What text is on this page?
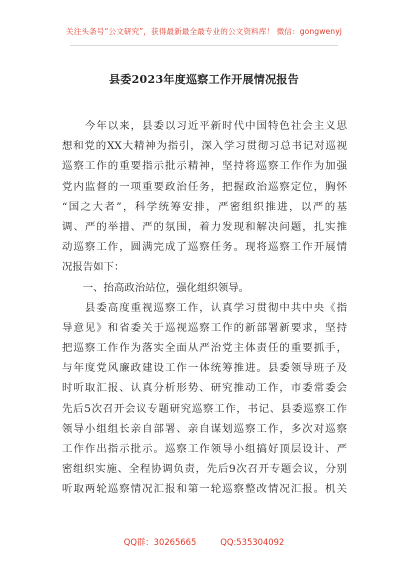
关注头条号“公文研究”，获得最新最全最专业的公文资料库！ 微信：gongwenyj
县委2023年度巡察工作开展情况报告
　　今年以来，县委以习近平新时代中国特色社会主义思
想和党的XX大精神为指引，深入学习贯彻习总书记对巡视
巡察工作的重要指示批示精神，坚持将巡察工作作为加强
党内监督的一项重要政治任务，把握政治巡察定位，胸怀
“国之大者”，科学统筹安排，严密组织推进，以严的基
调、严的举措、严的氛围，着力发现和解决问题，扎实推
动巡察工作，圆满完成了巡察任务。现将巡察工作开展情
况报告如下：
　　一、抬高政治站位，强化组织领导。
　　县委高度重视巡察工作，认真学习贯彻中共中央《指
导意见》和省委关于巡视巡察工作的新部署新要求，坚持
把巡察工作作为落实全面从严治党主体责任的重要抓手，
与年度党风廉政建设工作一体统筹推进。县委领导班子及
时听取汇报、认真分析形势、研究推动工作，市委常委会
先后5次召开会议专题研究巡察工作，书记、县委巡察工作
领导小组组长亲自部署、亲自谋划巡察工作，多次对巡察
工作作出指示批示。巡察工作领导小组搞好顶层设计、严
密组织实施、全程协调负责，先后9次召开专题会议，分别
听取两轮巡察情况汇报和第一轮巡察整改情况汇报。机关
QQ群：30265665	QQ:535304092
